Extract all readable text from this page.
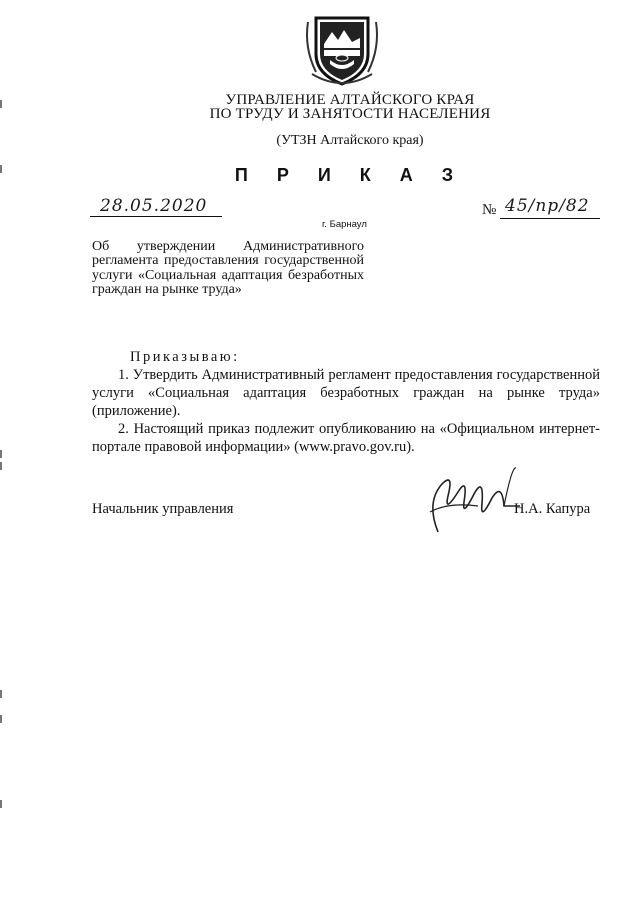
УПРАВЛЕНИЕ АЛТАЙСКОГО КРАЯ
ПО ТРУДУ И ЗАНЯТОСТИ НАСЕЛЕНИЯ
(УТЗН Алтайского края)
П Р И К А З
28.05.2020	№ 45/пр/82
г. Барнаул
Об утверждении Административного регламента предоставления государственной услуги «Социальная адаптация безработных граждан на рынке труда»

Приказываю:

1. Утвердить Административный регламент предоставления государственной услуги «Социальная адаптация безработных граждан на рынке труда» (приложение).

2. Настоящий приказ подлежит опубликованию на «Официальном интернет-портале правовой информации» (www.pravo.gov.ru).

Начальник управления	Н.А. Капура
